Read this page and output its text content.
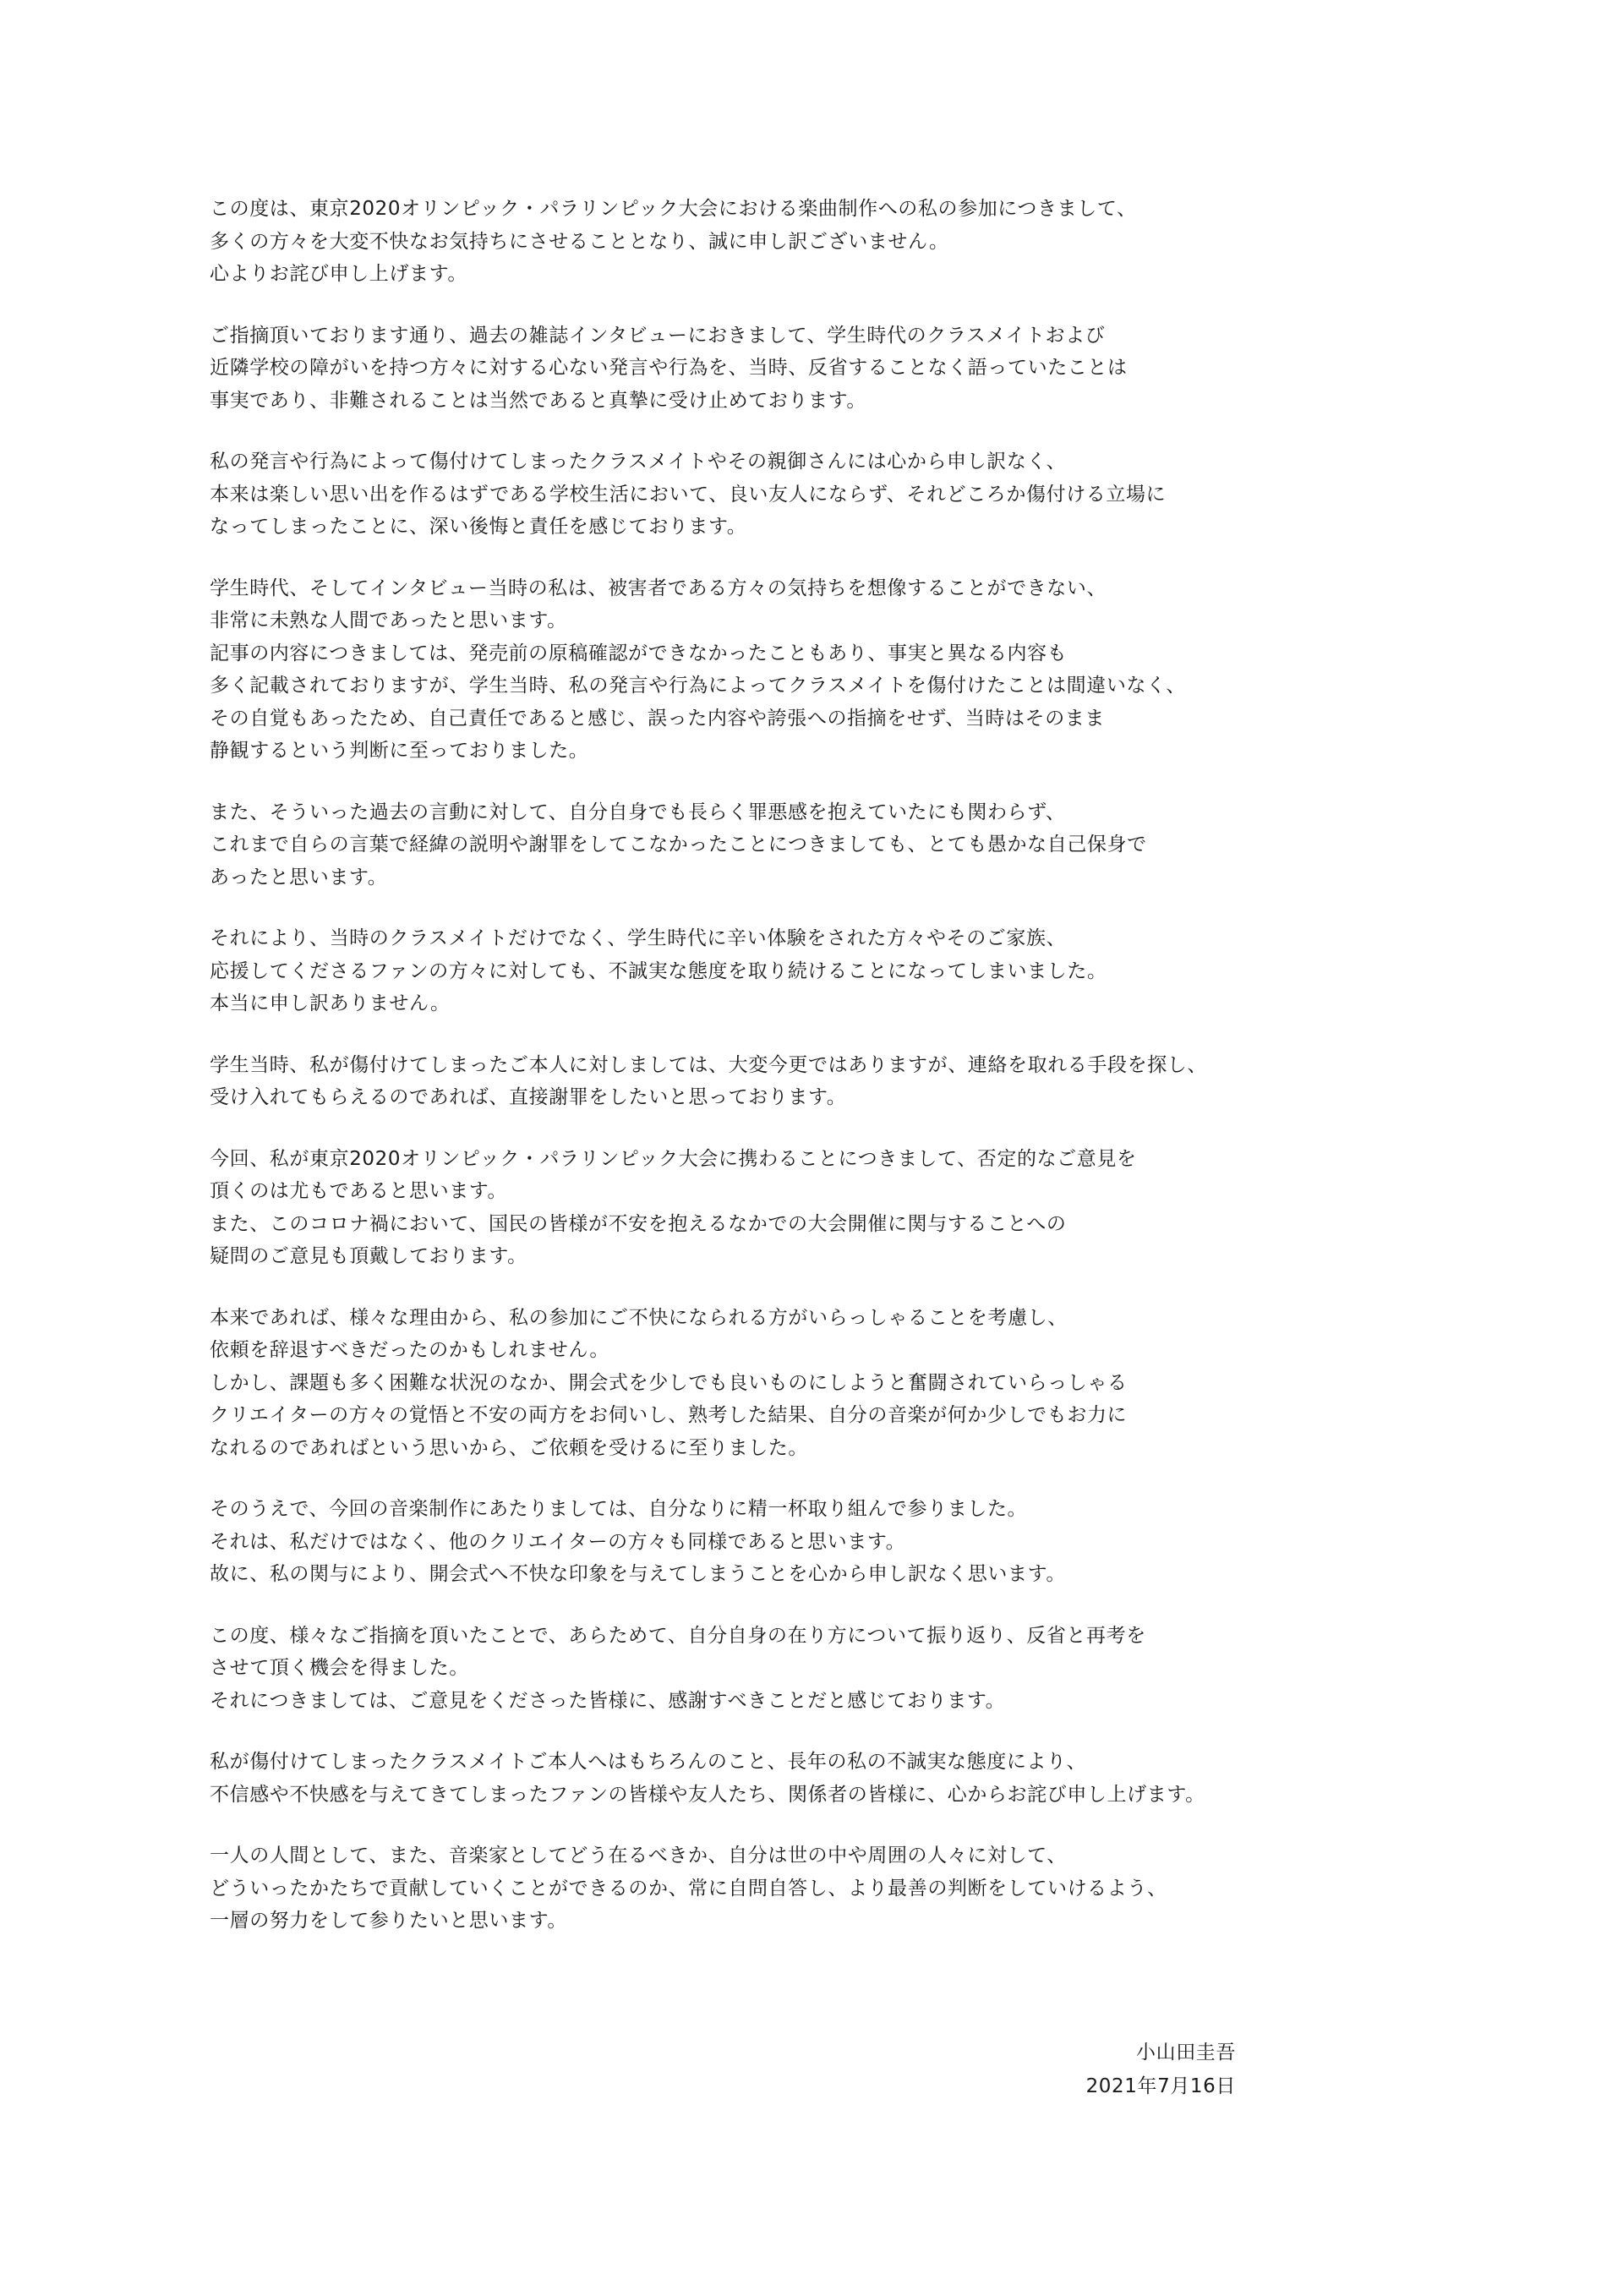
この度は、東京2020オリンピック・パラリンピック大会における楽曲制作への私の参加につきまして、
多くの方々を大変不快なお気持ちにさせることとなり、誠に申し訳ございません。
心よりお詫び申し上げます。
ご指摘頂いております通り、過去の雑誌インタビューにおきまして、学生時代のクラスメイトおよび
近隣学校の障がいを持つ方々に対する心ない発言や行為を、当時、反省することなく語っていたことは
事実であり、非難されることは当然であると真摯に受け止めております。
私の発言や行為によって傷付けてしまったクラスメイトやその親御さんには心から申し訳なく、
本来は楽しい思い出を作るはずである学校生活において、良い友人にならず、それどころか傷付ける立場に
なってしまったことに、深い後悔と責任を感じております。
学生時代、そしてインタビュー当時の私は、被害者である方々の気持ちを想像することができない、
非常に未熟な人間であったと思います。
記事の内容につきましては、発売前の原稿確認ができなかったこともあり、事実と異なる内容も
多く記載されておりますが、学生当時、私の発言や行為によってクラスメイトを傷付けたことは間違いなく、
その自覚もあったため、自己責任であると感じ、誤った内容や誇張への指摘をせず、当時はそのまま
静観するという判断に至っておりました。
また、そういった過去の言動に対して、自分自身でも長らく罪悪感を抱えていたにも関わらず、
これまで自らの言葉で経緯の説明や謝罪をしてこなかったことにつきましても、とても愚かな自己保身で
あったと思います。
それにより、当時のクラスメイトだけでなく、学生時代に辛い体験をされた方々やそのご家族、
応援してくださるファンの方々に対しても、不誠実な態度を取り続けることになってしまいました。
本当に申し訳ありません。
学生当時、私が傷付けてしまったご本人に対しましては、大変今更ではありますが、連絡を取れる手段を探し、
受け入れてもらえるのであれば、直接謝罪をしたいと思っております。
今回、私が東京2020オリンピック・パラリンピック大会に携わることにつきまして、否定的なご意見を
頂くのは尤もであると思います。
また、このコロナ禍において、国民の皆様が不安を抱えるなかでの大会開催に関与することへの
疑問のご意見も頂戴しております。
本来であれば、様々な理由から、私の参加にご不快になられる方がいらっしゃることを考慮し、
依頼を辞退すべきだったのかもしれません。
しかし、課題も多く困難な状況のなか、開会式を少しでも良いものにしようと奮闘されていらっしゃる
クリエイターの方々の覚悟と不安の両方をお伺いし、熟考した結果、自分の音楽が何か少しでもお力に
なれるのであればという思いから、ご依頼を受けるに至りました。
そのうえで、今回の音楽制作にあたりましては、自分なりに精一杯取り組んで参りました。
それは、私だけではなく、他のクリエイターの方々も同様であると思います。
故に、私の関与により、開会式へ不快な印象を与えてしまうことを心から申し訳なく思います。
この度、様々なご指摘を頂いたことで、あらためて、自分自身の在り方について振り返り、反省と再考を
させて頂く機会を得ました。
それにつきましては、ご意見をくださった皆様に、感謝すべきことだと感じております。
私が傷付けてしまったクラスメイトご本人へはもちろんのこと、長年の私の不誠実な態度により、
不信感や不快感を与えてきてしまったファンの皆様や友人たち、関係者の皆様に、心からお詫び申し上げます。
一人の人間として、また、音楽家としてどう在るべきか、自分は世の中や周囲の人々に対して、
どういったかたちで貢献していくことができるのか、常に自問自答し、より最善の判断をしていけるよう、
一層の努力をして参りたいと思います。
小山田圭吾
2021年7月16日
